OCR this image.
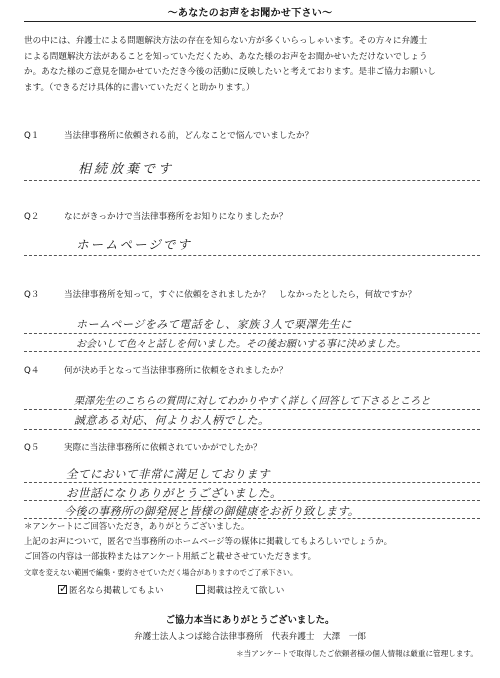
～あなたのお声をお聞かせ下さい～
世の中には、弁護士による問題解決方法の存在を知らない方が多くいらっしゃいます。その方々に弁護士
による問題解決方法があることを知っていただくため、あなた様のお声をお聞かせいただけないでしょう
か。あなた様のご意見を聞かせていただき今後の活動に反映したいと考えております。是非ご協力お願いし
ます。（できるだけ具体的に書いていただくと助かります。）
Q１	当法律事務所に依頼される前，どんなことで悩んでいましたか？
相続放棄です
Q２	なにがきっかけで当法律事務所をお知りになりましたか？
ホームページです
Q３	当法律事務所を知って，すぐに依頼をされましたか？　しなかったとしたら，何故ですか？
ホームページをみて電話をし、家族３人で栗澤先生に
お会いして色々と話しを伺いました。その後お願いする事に決めました。
Q４	何が決め手となって当法律事務所に依頼をされましたか？
栗澤先生のこちらの質問に対してわかりやすく詳しく回答して下さるところと
誠意ある対応、何よりお人柄でした。
Q５	実際に当法律事務所に依頼されていかがでしたか？
全てにおいて非常に満足しております
お世話になりありがとうございました。
今後の事務所の御発展と皆様の御健康をお祈り致します。
＊アンケートにご回答いただき，ありがとうございました。
上記のお声について，匿名で当事務所のホームページ等の媒体に掲載してもよろしいでしょうか。
ご回答の内容は一部抜粋またはアンケート用紙ごと載せさせていただきます。
文章を変えない範囲で編集・要約させていただく場合がありますのでご了承下さい。
✓ 匿名なら掲載してもよい	掲載は控えて欲しい
ご協力本当にありがとうございました。
弁護士法人よつば総合法律事務所　代表弁護士　大澤　一郎
＊当アンケートで取得したご依頼者様の個人情報は厳重に管理します。
